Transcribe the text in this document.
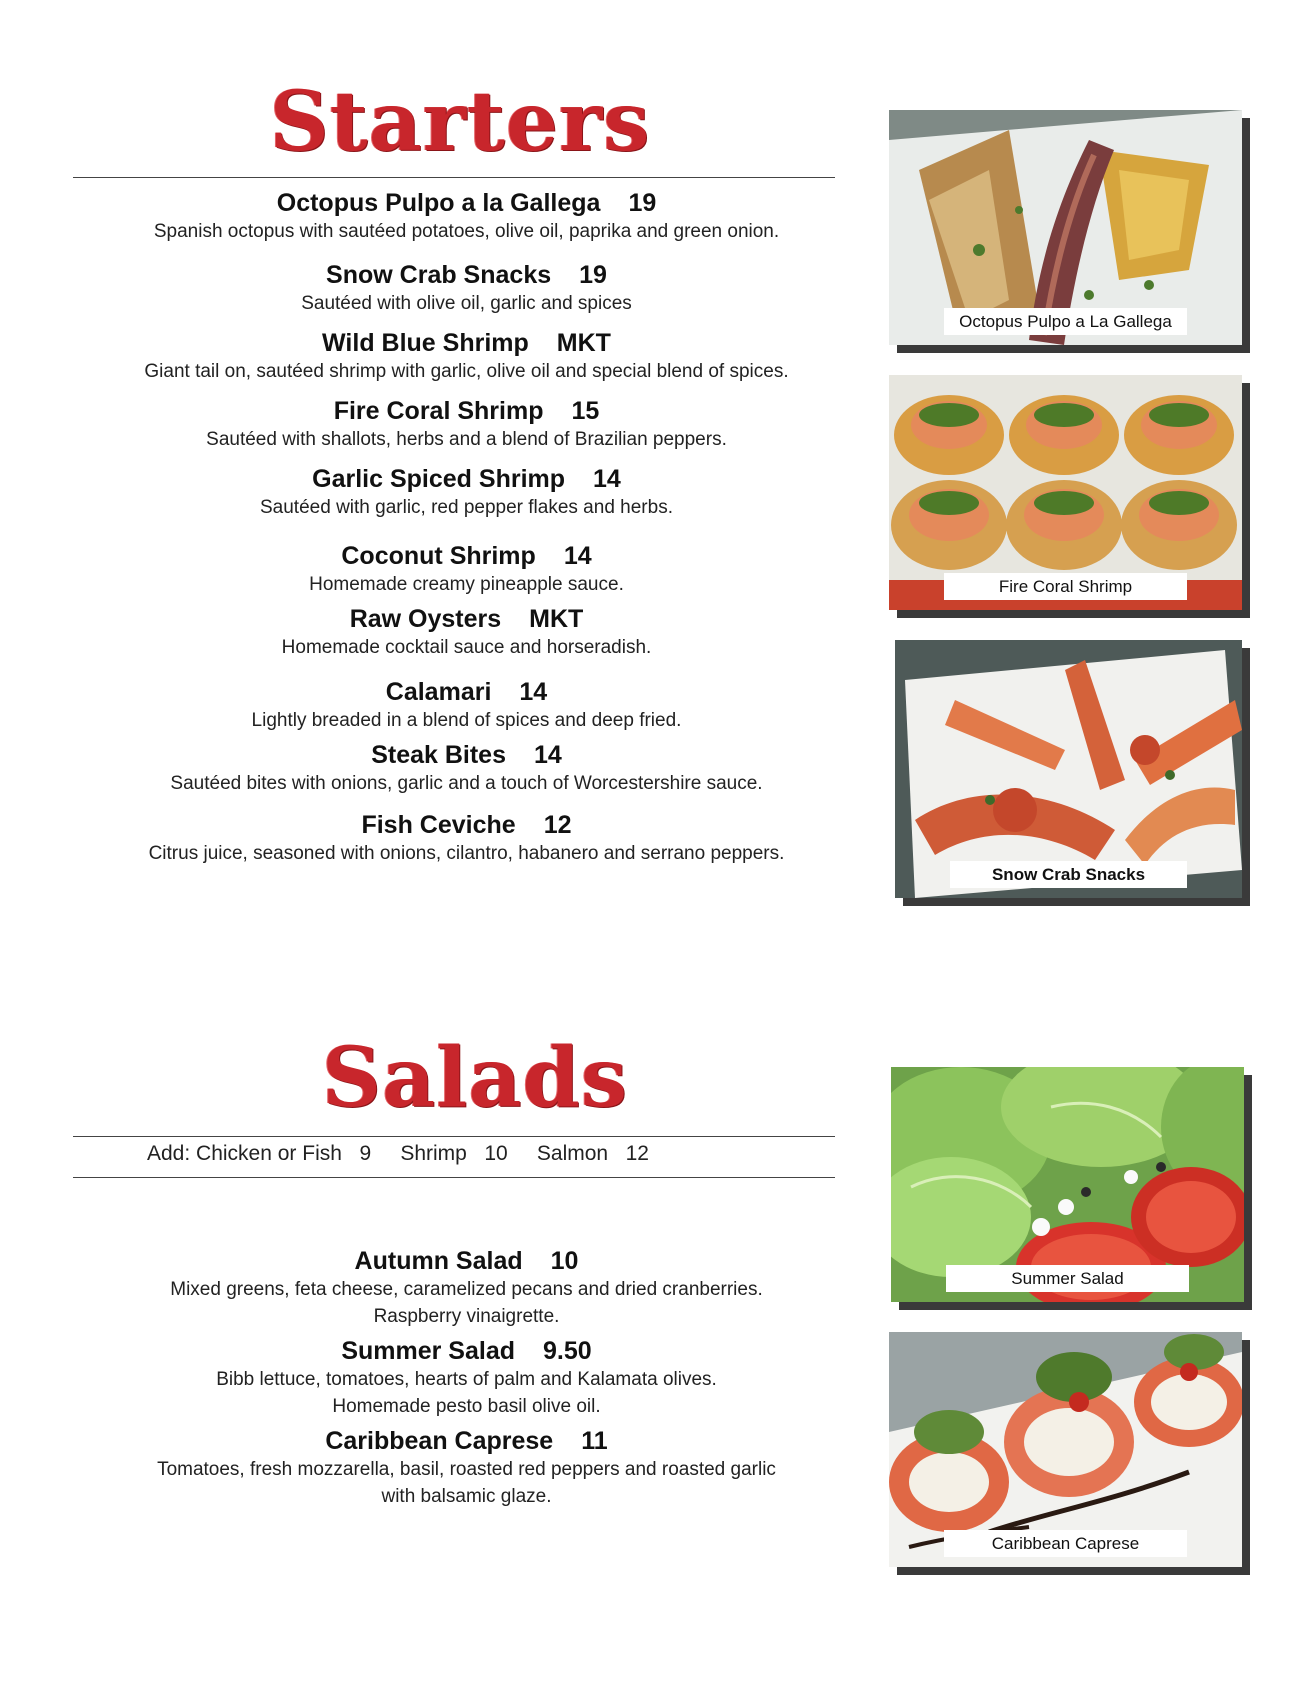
Starters
Octopus Pulpo a la Gallega 19
Spanish octopus with sautéed potatoes, olive oil, paprika and green onion.
Snow Crab Snacks 19
Sautéed with olive oil, garlic and spices
Wild Blue Shrimp MKT
Giant tail on, sautéed shrimp with garlic, olive oil and special blend of spices.
Fire Coral Shrimp 15
Sautéed with shallots, herbs and a blend of Brazilian peppers.
Garlic Spiced Shrimp 14
Sautéed with garlic, red pepper flakes and herbs.
Coconut Shrimp 14
Homemade creamy pineapple sauce.
Raw Oysters MKT
Homemade cocktail sauce and horseradish.
Calamari 14
Lightly breaded in a blend of spices and deep fried.
Steak Bites 14
Sautéed bites with onions, garlic and a touch of Worcestershire sauce.
Fish Ceviche 12
Citrus juice, seasoned with onions, cilantro, habanero and serrano peppers.
Salads
Add: Chicken or Fish 9 Shrimp 10 Salmon 12
Autumn Salad 10
Mixed greens, feta cheese, caramelized pecans and dried cranberries.
Raspberry vinaigrette.
Summer Salad 9.50
Bibb lettuce, tomatoes, hearts of palm and Kalamata olives.
Homemade pesto basil olive oil.
Caribbean Caprese 11
Tomatoes, fresh mozzarella, basil, roasted red peppers and roasted garlic
with balsamic glaze.
Octopus Pulpo a La Gallega
Fire Coral Shrimp
Snow Crab Snacks
Summer Salad
Caribbean Caprese
